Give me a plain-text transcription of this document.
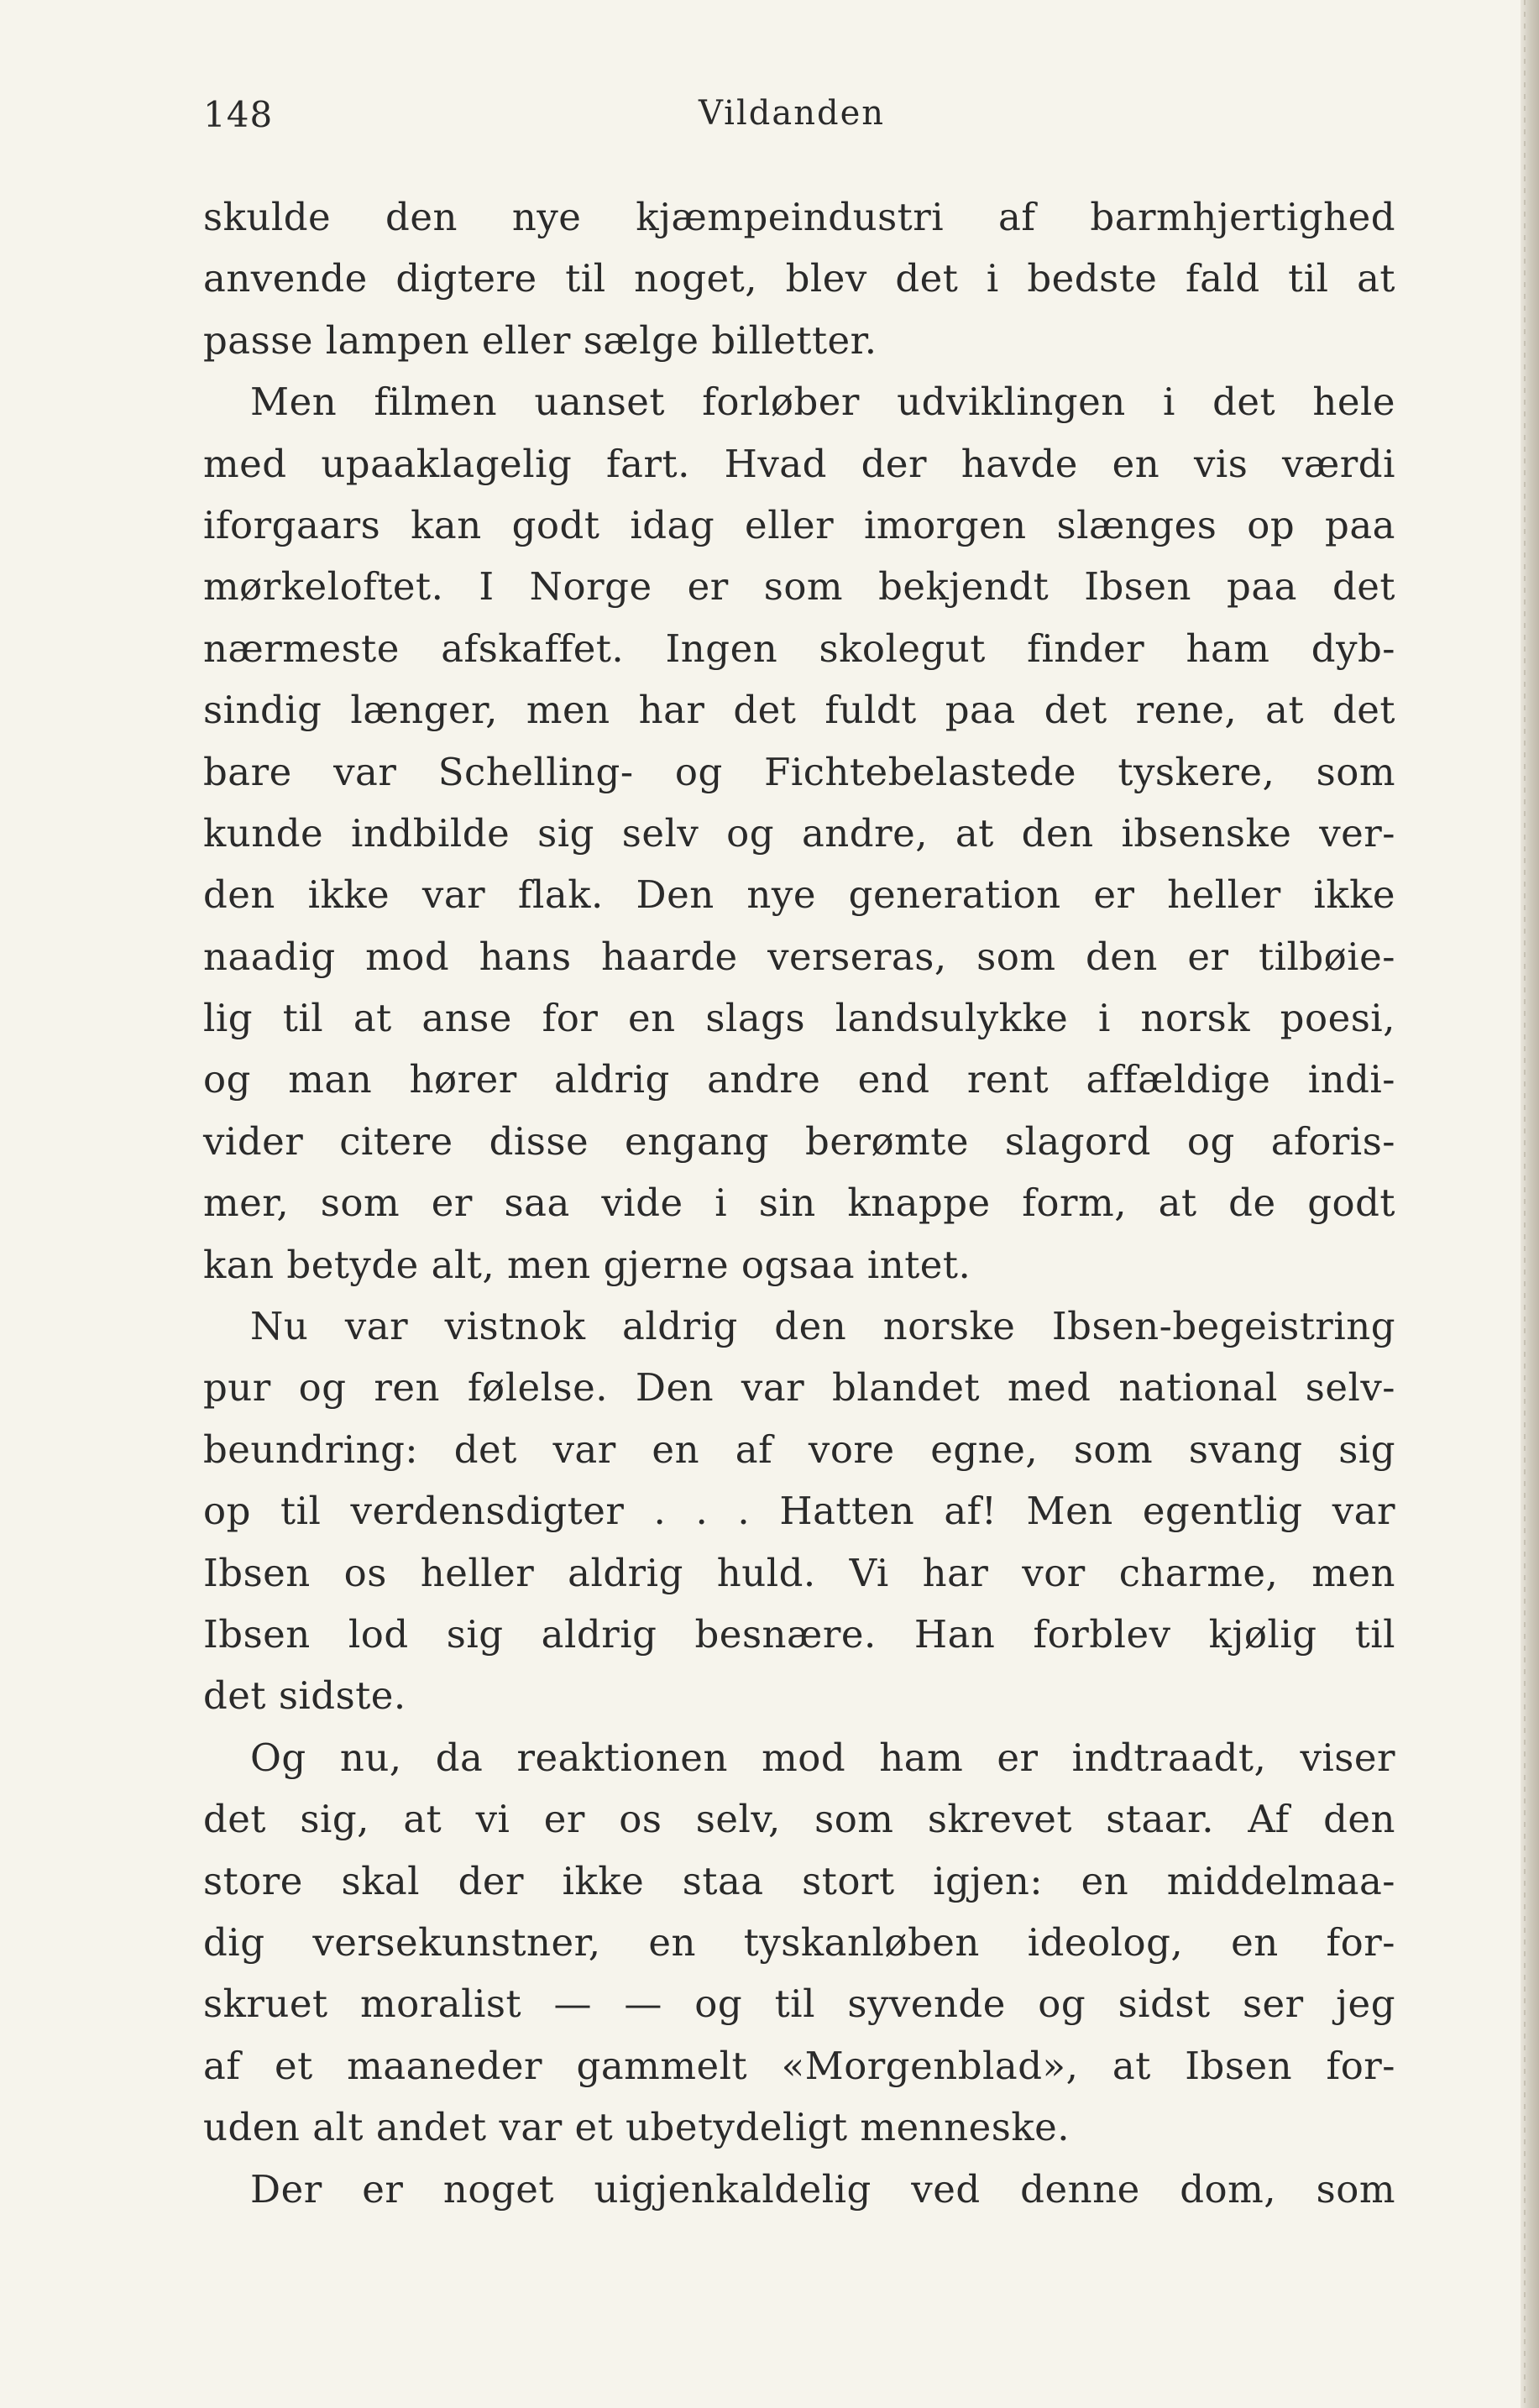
148	Vildanden
skulde den nye kjæmpeindustri af barmhjertighed
anvende digtere til noget, blev det i bedste fald til at
passe lampen eller sælge billetter.
Men filmen uanset forløber udviklingen i det hele
med upaaklagelig fart. Hvad der havde en vis værdi
iforgaars kan godt idag eller imorgen slænges op paa
mørkeloftet. I Norge er som bekjendt Ibsen paa det
nærmeste afskaffet. Ingen skolegut finder ham dyb-
sindig længer, men har det fuldt paa det rene, at det
bare var Schelling- og Fichtebelastede tyskere, som
kunde indbilde sig selv og andre, at den ibsenske ver-
den ikke var flak. Den nye generation er heller ikke
naadig mod hans haarde verseras, som den er tilbøie-
lig til at anse for en slags landsulykke i norsk poesi,
og man hører aldrig andre end rent affældige indi-
vider citere disse engang berømte slagord og aforis-
mer, som er saa vide i sin knappe form, at de godt
kan betyde alt, men gjerne ogsaa intet.
Nu var vistnok aldrig den norske Ibsen-begeistring
pur og ren følelse. Den var blandet med national selv-
beundring: det var en af vore egne, som svang sig
op til verdensdigter . . . Hatten af! Men egentlig var
Ibsen os heller aldrig huld. Vi har vor charme, men
Ibsen lod sig aldrig besnære. Han forblev kjølig til
det sidste.
Og nu, da reaktionen mod ham er indtraadt, viser
det sig, at vi er os selv, som skrevet staar. Af den
store skal der ikke staa stort igjen: en middelmaa-
dig versekunstner, en tyskanløben ideolog, en for-
skruet moralist — — og til syvende og sidst ser jeg
af et maaneder gammelt «Morgenblad», at Ibsen for-
uden alt andet var et ubetydeligt menneske.
Der er noget uigjenkaldelig ved denne dom, som
